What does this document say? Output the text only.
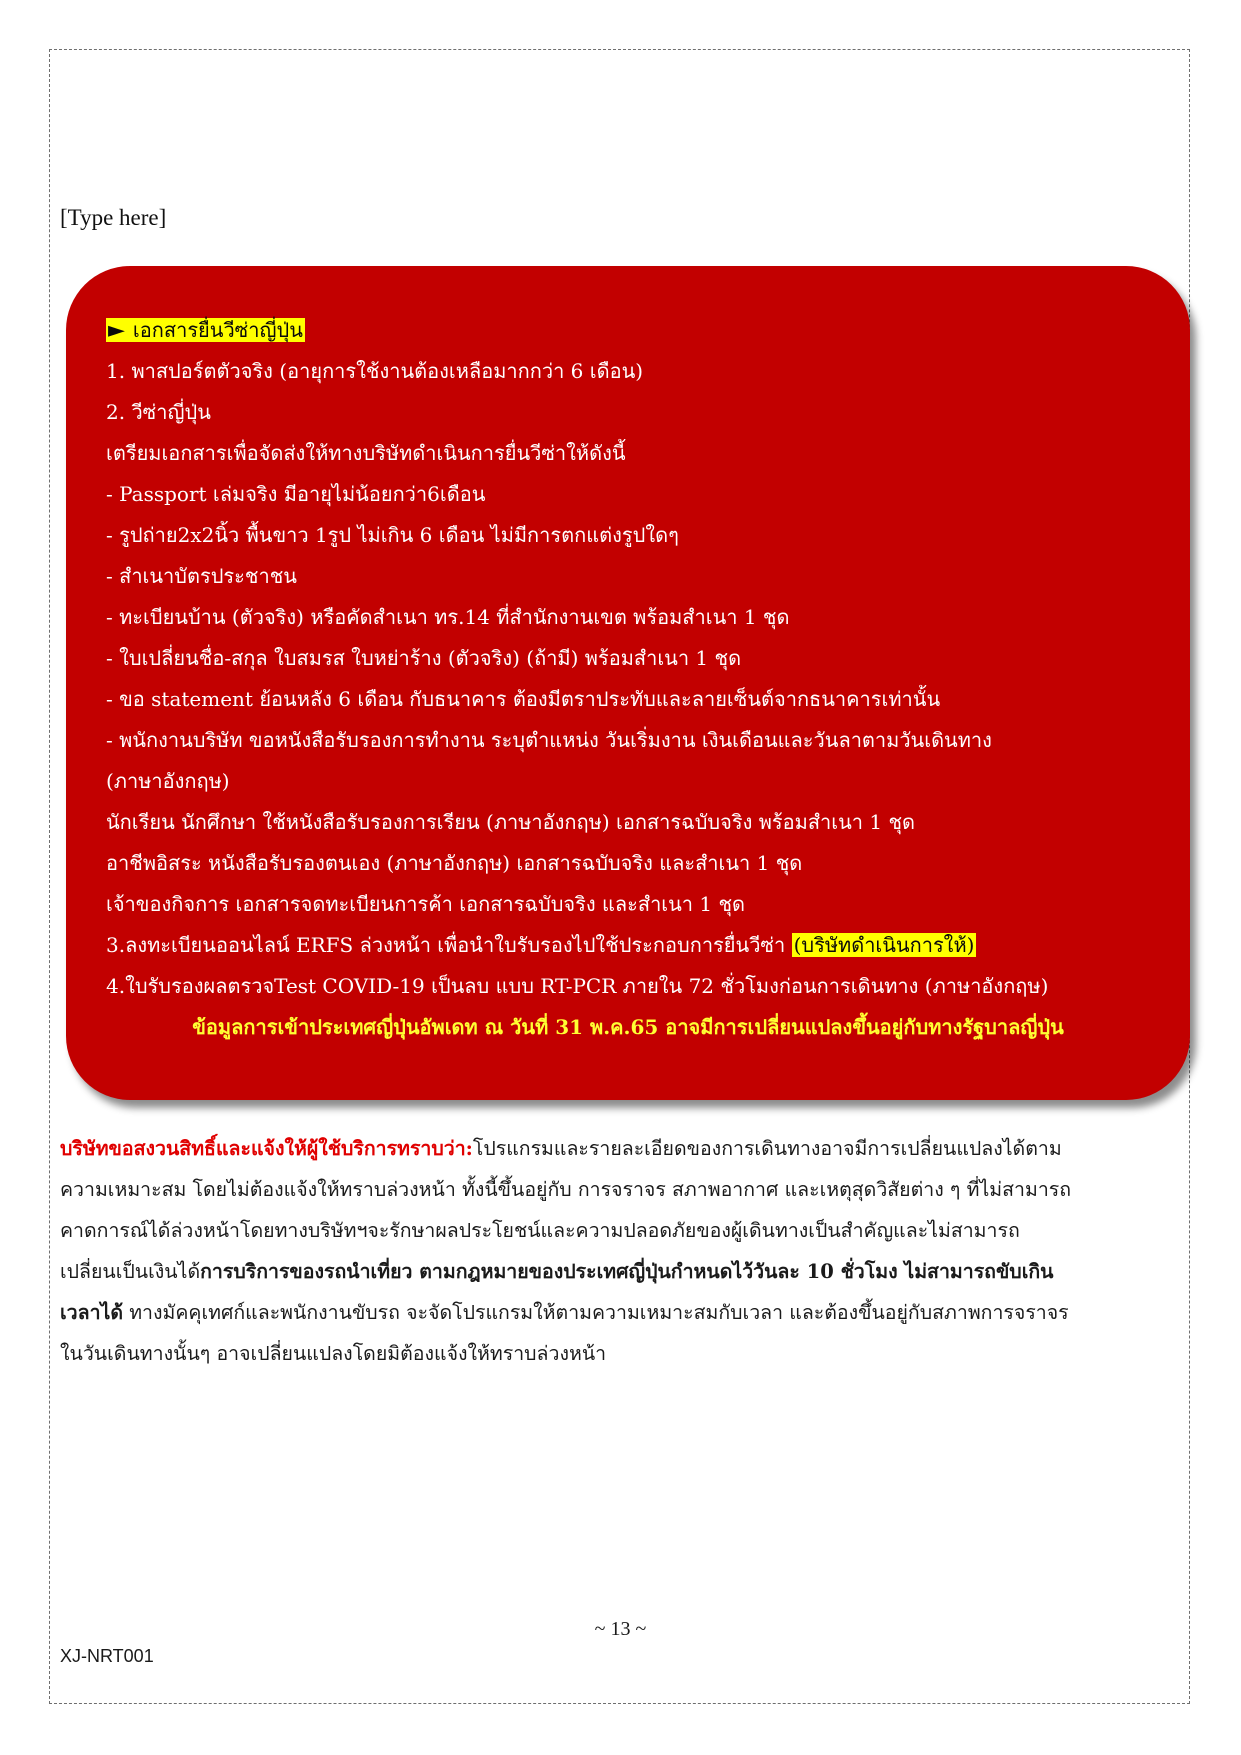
[Type here]
► เอกสารยื่นวีซ่าญี่ปุ่น
1. พาสปอร์ตตัวจริง (อายุการใช้งานต้องเหลือมากกว่า 6 เดือน)
2. วีซ่าญี่ปุ่น
เตรียมเอกสารเพื่อจัดส่งให้ทางบริษัทดำเนินการยื่นวีซ่าให้ดังนี้
- Passport เล่มจริง มีอายุไม่น้อยกว่า6เดือน
- รูปถ่าย2x2นิ้ว พื้นขาว 1รูป ไม่เกิน 6 เดือน ไม่มีการตกแต่งรูปใดๆ
- สำเนาบัตรประชาชน
- ทะเบียนบ้าน (ตัวจริง) หรือคัดสำเนา ทร.14 ที่สำนักงานเขต พร้อมสำเนา 1 ชุด
- ใบเปลี่ยนชื่อ-สกุล ใบสมรส ใบหย่าร้าง (ตัวจริง) (ถ้ามี) พร้อมสำเนา 1 ชุด
- ขอ statement ย้อนหลัง 6 เดือน กับธนาคาร ต้องมีตราประทับและลายเซ็นต์จากธนาคารเท่านั้น
- พนักงานบริษัท ขอหนังสือรับรองการทำงาน ระบุตำแหน่ง วันเริ่มงาน เงินเดือนและวันลาตามวันเดินทาง
(ภาษาอังกฤษ)
นักเรียน นักศึกษา ใช้หนังสือรับรองการเรียน (ภาษาอังกฤษ) เอกสารฉบับจริง พร้อมสำเนา 1 ชุด
อาชีพอิสระ หนังสือรับรองตนเอง (ภาษาอังกฤษ) เอกสารฉบับจริง และสำเนา 1 ชุด
เจ้าของกิจการ เอกสารจดทะเบียนการค้า เอกสารฉบับจริง และสำเนา 1 ชุด
3.ลงทะเบียนออนไลน์ ERFS ล่วงหน้า เพื่อนำใบรับรองไปใช้ประกอบการยื่นวีซ่า (บริษัทดำเนินการให้)
4.ใบรับรองผลตรวจTest COVID-19 เป็นลบ แบบ RT-PCR ภายใน 72 ชั่วโมงก่อนการเดินทาง (ภาษาอังกฤษ)
ข้อมูลการเข้าประเทศญี่ปุ่นอัพเดท ณ วันที่ 31 พ.ค.65 อาจมีการเปลี่ยนแปลงขึ้นอยู่กับทางรัฐบาลญี่ปุ่น
บริษัทขอสงวนสิทธิ์และแจ้งให้ผู้ใช้บริการทราบว่า:โปรแกรมและรายละเอียดของการเดินทางอาจมีการเปลี่ยนแปลงได้ตาม
ความเหมาะสม โดยไม่ต้องแจ้งให้ทราบล่วงหน้า ทั้งนี้ขึ้นอยู่กับ การจราจร สภาพอากาศ และเหตุสุดวิสัยต่าง ๆ ที่ไม่สามารถ
คาดการณ์ได้ล่วงหน้าโดยทางบริษัทฯจะรักษาผลประโยชน์และความปลอดภัยของผู้เดินทางเป็นสำคัญและไม่สามารถ
เปลี่ยนเป็นเงินได้การบริการของรถนำเที่ยว ตามกฎหมายของประเทศญี่ปุ่นกำหนดไว้วันละ 10 ชั่วโมง ไม่สามารถขับเกิน
เวลาได้ ทางมัคคุเทศก์และพนักงานขับรถ จะจัดโปรแกรมให้ตามความเหมาะสมกับเวลา และต้องขึ้นอยู่กับสภาพการจราจร
ในวันเดินทางนั้นๆ อาจเปลี่ยนแปลงโดยมิต้องแจ้งให้ทราบล่วงหน้า
~ 13 ~
XJ-NRT001
